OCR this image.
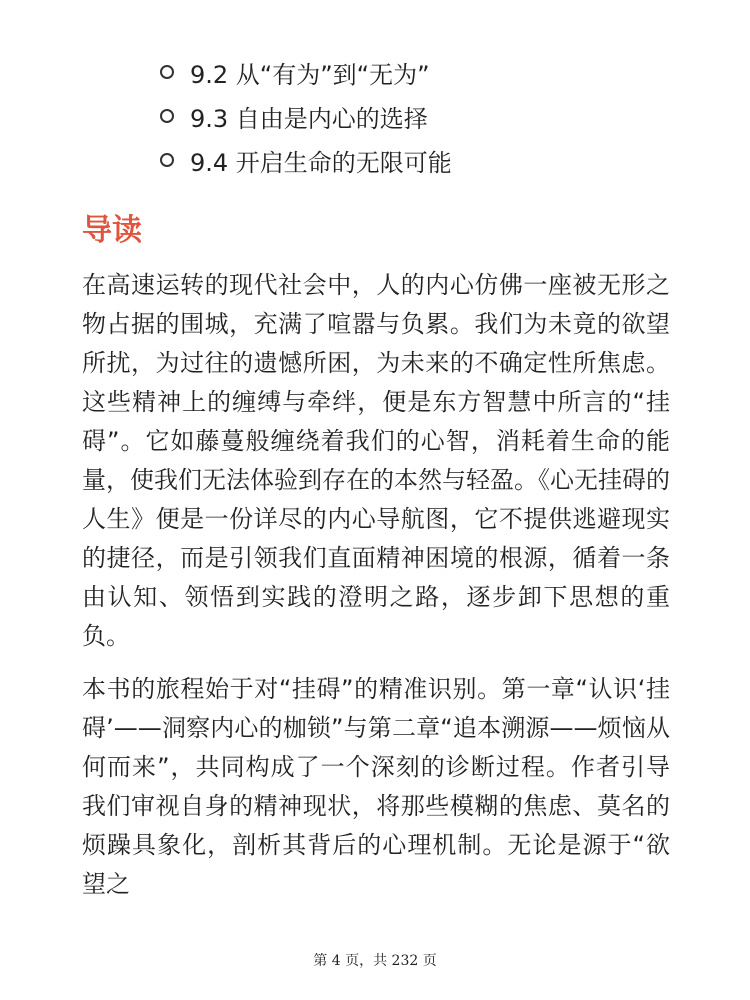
9.2 从“有为”到“无为”
9.3 自由是内心的选择
9.4 开启生命的无限可能
导读

在高速运转的现代社会中，人的内心仿佛一座被无形之物占据的围城，充满了喧嚣与负累。我们为未竟的欲望所扰，为过往的遗憾所困，为未来的不确定性所焦虑。这些精神上的缠缚与牵绊，便是东方智慧中所言的“挂碍”。它如藤蔓般缠绕着我们的心智，消耗着生命的能量，使我们无法体验到存在的本然与轻盈。《心无挂碍的人生》便是一份详尽的内心导航图，它不提供逃避现实的捷径，而是引领我们直面精神困境的根源，循着一条由认知、领悟到实践的澄明之路，逐步卸下思想的重负。

本书的旅程始于对“挂碍”的精准识别。第一章“认识‘挂碍’——洞察内心的枷锁”与第二章“追本溯源——烦恼从何而来”，共同构成了一个深刻的诊断过程。作者引导我们审视自身的精神现状，将那些模糊的焦虑、莫名的烦躁具象化，剖析其背后的心理机制。无论是源于“欲望之

第 4 页，共 232 页
